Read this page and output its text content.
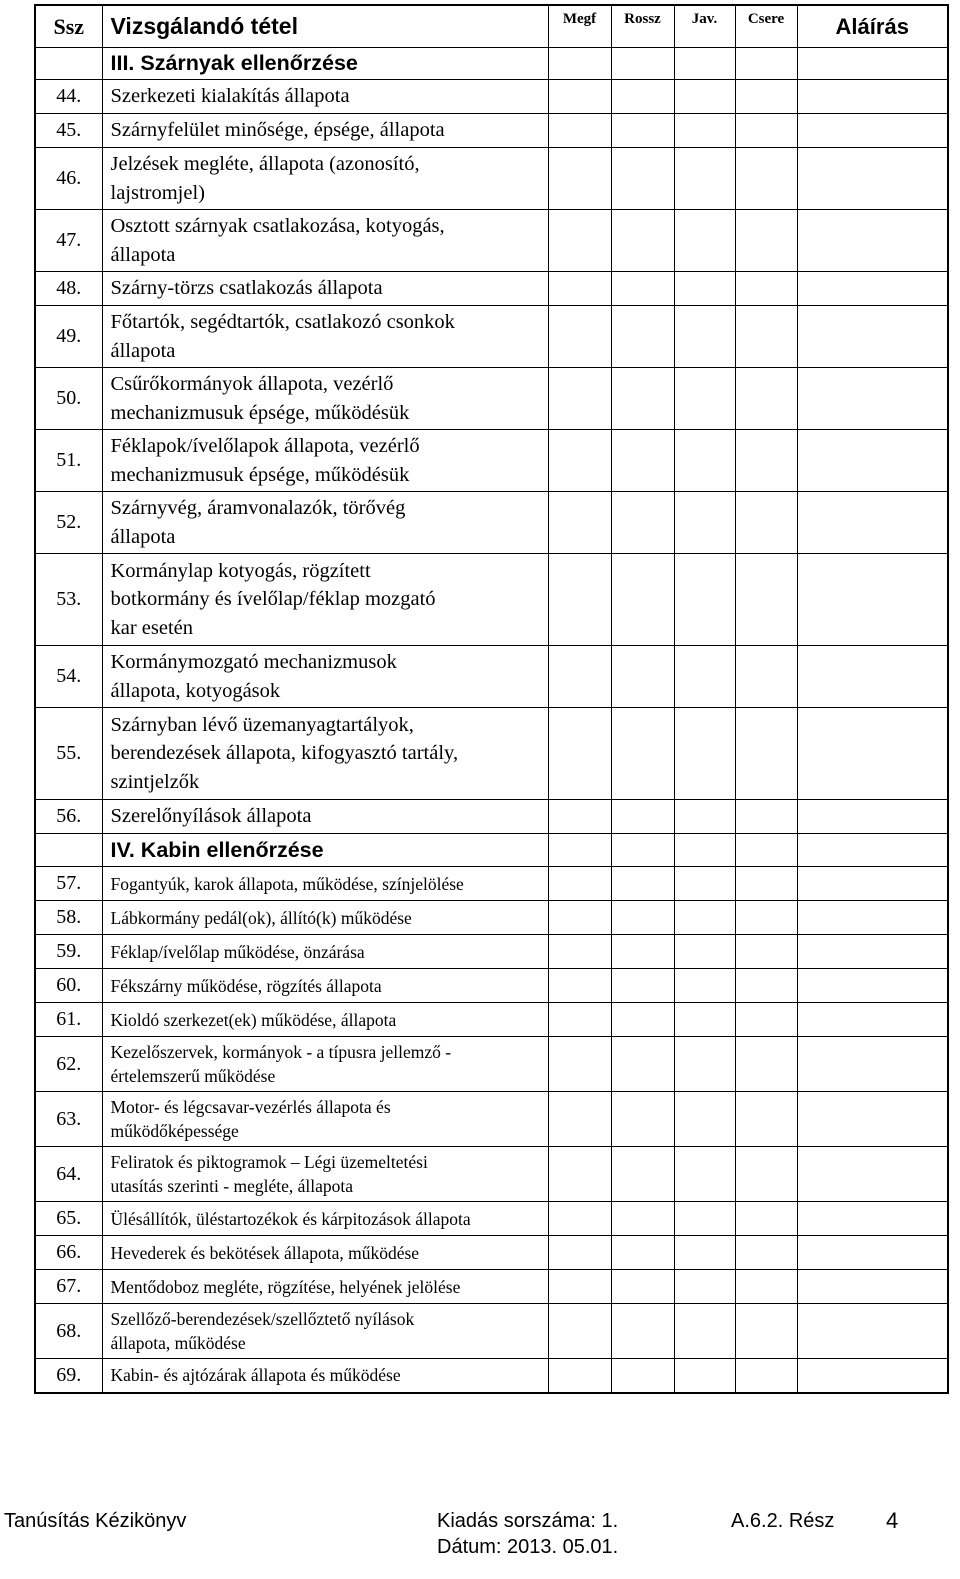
Ssz	Vizsgálandó tétel	Megf	Rossz	Jav.	Csere	Aláírás
	III. Szárnyak ellenőrzése					
44.	Szerkezeti kialakítás állapota					

45.	Szárnyfelület minősége, épsége, állapota					

46.	Jelzések megléte, állapota (azonosító,
lajstromjel)					

47.	Osztott szárnyak csatlakozása, kotyogás,
állapota					

48.	Szárny-törzs csatlakozás állapota					

49.	Főtartók, segédtartók, csatlakozó csonkok
állapota					

50.	Csűrőkormányok állapota, vezérlő
mechanizmusuk épsége, működésük					

51.	Féklapok/ívelőlapok állapota, vezérlő
mechanizmusuk épsége, működésük					

52.	Szárnyvég, áramvonalazók, törővég
állapota					

53.	Kormánylap kotyogás, rögzített
botkormány és ívelőlap/féklap mozgató
kar esetén					

54.	Kormánymozgató mechanizmusok
állapota, kotyogások					

55.	Szárnyban lévő üzemanyagtartályok,
berendezések állapota, kifogyasztó tartály,
szintjelzők					

56.	Szerelőnyílások állapota					

	IV. Kabin ellenőrzése					
57.	Fogantyúk, karok állapota, működése, színjelölése					

58.	Lábkormány pedál(ok), állító(k) működése					

59.	Féklap/ívelőlap működése, önzárása					

60.	Fékszárny működése, rögzítés állapota					

61.	Kioldó szerkezet(ek) működése, állapota					

62.	Kezelőszervek, kormányok - a típusra jellemző -
értelemszerű működése					

63.	Motor- és légcsavar-vezérlés állapota és
működőképessége					

64.	Feliratok és piktogramok – Légi üzemeltetési
utasítás szerinti - megléte, állapota					

65.	Ülésállítók, üléstartozékok és kárpitozások állapota					

66.	Hevederek és bekötések állapota, működése					

67.	Mentődoboz megléte, rögzítése, helyének jelölése					

68.	Szellőző-berendezések/szellőztető nyílások
állapota, működése					

69.	Kabin- és ajtózárak állapota és működése					

Tanúsítás Kézikönyv	Kiadás sorszáma: 1.
Dátum: 2013. 05.01.
A.6.2. Rész 4
